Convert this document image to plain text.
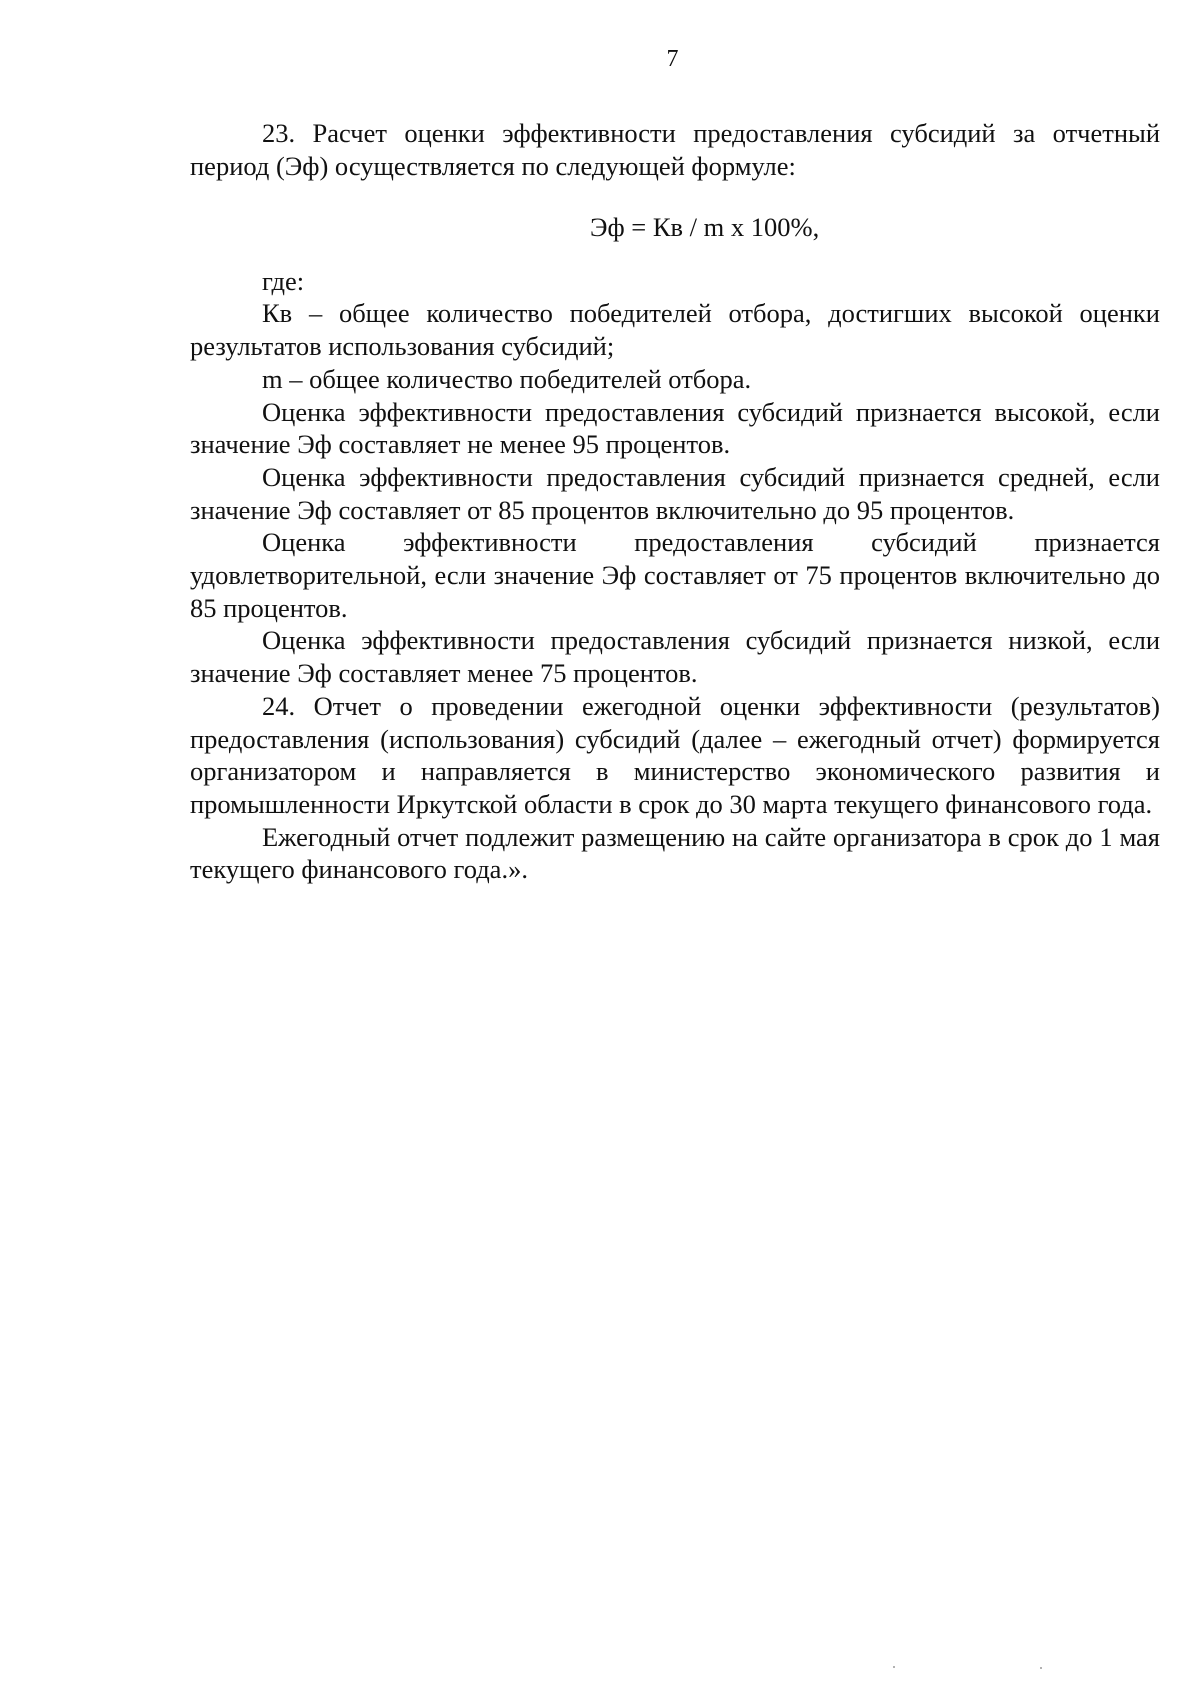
7

23. Расчет оценки эффективности предоставления субсидий за отчетный период (Эф) осуществляется по следующей формуле:

Эф = Кв / m х 100%,

где:

Кв – общее количество победителей отбора, достигших высокой оценки результатов использования субсидий;

m – общее количество победителей отбора.

Оценка эффективности предоставления субсидий признается высокой, если значение Эф составляет не менее 95 процентов.

Оценка эффективности предоставления субсидий признается средней, если значение Эф составляет от 85 процентов включительно до 95 процентов.

Оценка эффективности предоставления субсидий признается удовлетворительной, если значение Эф составляет от 75 процентов включительно до 85 процентов.

Оценка эффективности предоставления субсидий признается низкой, если значение Эф составляет менее 75 процентов.

24. Отчет о проведении ежегодной оценки эффективности (результатов) предоставления (использования) субсидий (далее – ежегодный отчет) формируется организатором и направляется в министерство экономического развития и промышленности Иркутской области в срок до 30 марта текущего финансового года.

Ежегодный отчет подлежит размещению на сайте организатора в срок до 1 мая текущего финансового года.».
